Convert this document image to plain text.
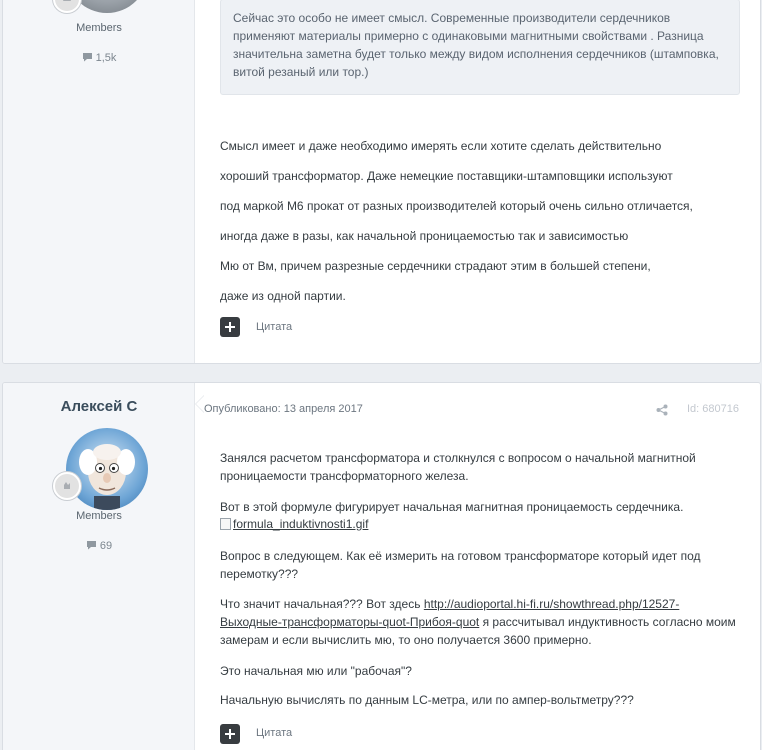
Members
1,5k
Сейчас это особо не имеет смысл. Современные производители сердечников применяют материалы примерно с одинаковыми магнитными свойствами . Разница значительна заметна будет только между видом исполнения сердечников (штамповка, витой резаный или тор.)
Смысл имеет и даже необходимо имерять если хотите сделать действительно
хороший трансформатор. Даже немецкие поставщики-штамповщики используют
под маркой М6 прокат от разных производителей который очень сильно отличается,
иногда даже в разы, как начальной проницаемостью так и зависимостью
Мю от Вм, причем разрезные сердечники страдают этим в большей степени,
даже из одной партии.
Цитата
Алексей С
Members
69
Опубликовано: 13 апреля 2017	Id: 680716
Занялся расчетом трансформатора и столкнулся с вопросом о начальной магнитной проницаемости трансформаторного железа.
Вот в этой формуле фигурирует начальная магнитная проницаемость сердечника.
formula_induktivnosti1.gif
Вопрос в следующем. Как её измерить на готовом трансформаторе который идет под перемотку???
Что значит начальная??? Вот здесь http://audioportal.hi-fi.ru/showthread.php/12527-Выходные-трансформаторы-quot-Прибоя-quot я рассчитывал индуктивность согласно моим замерам и если вычислить мю, то оно получается 3600 примерно.
Это начальная мю или "рабочая"?
Начальную вычислять по данным LC-метра, или по ампер-вольтметру???
Цитата
